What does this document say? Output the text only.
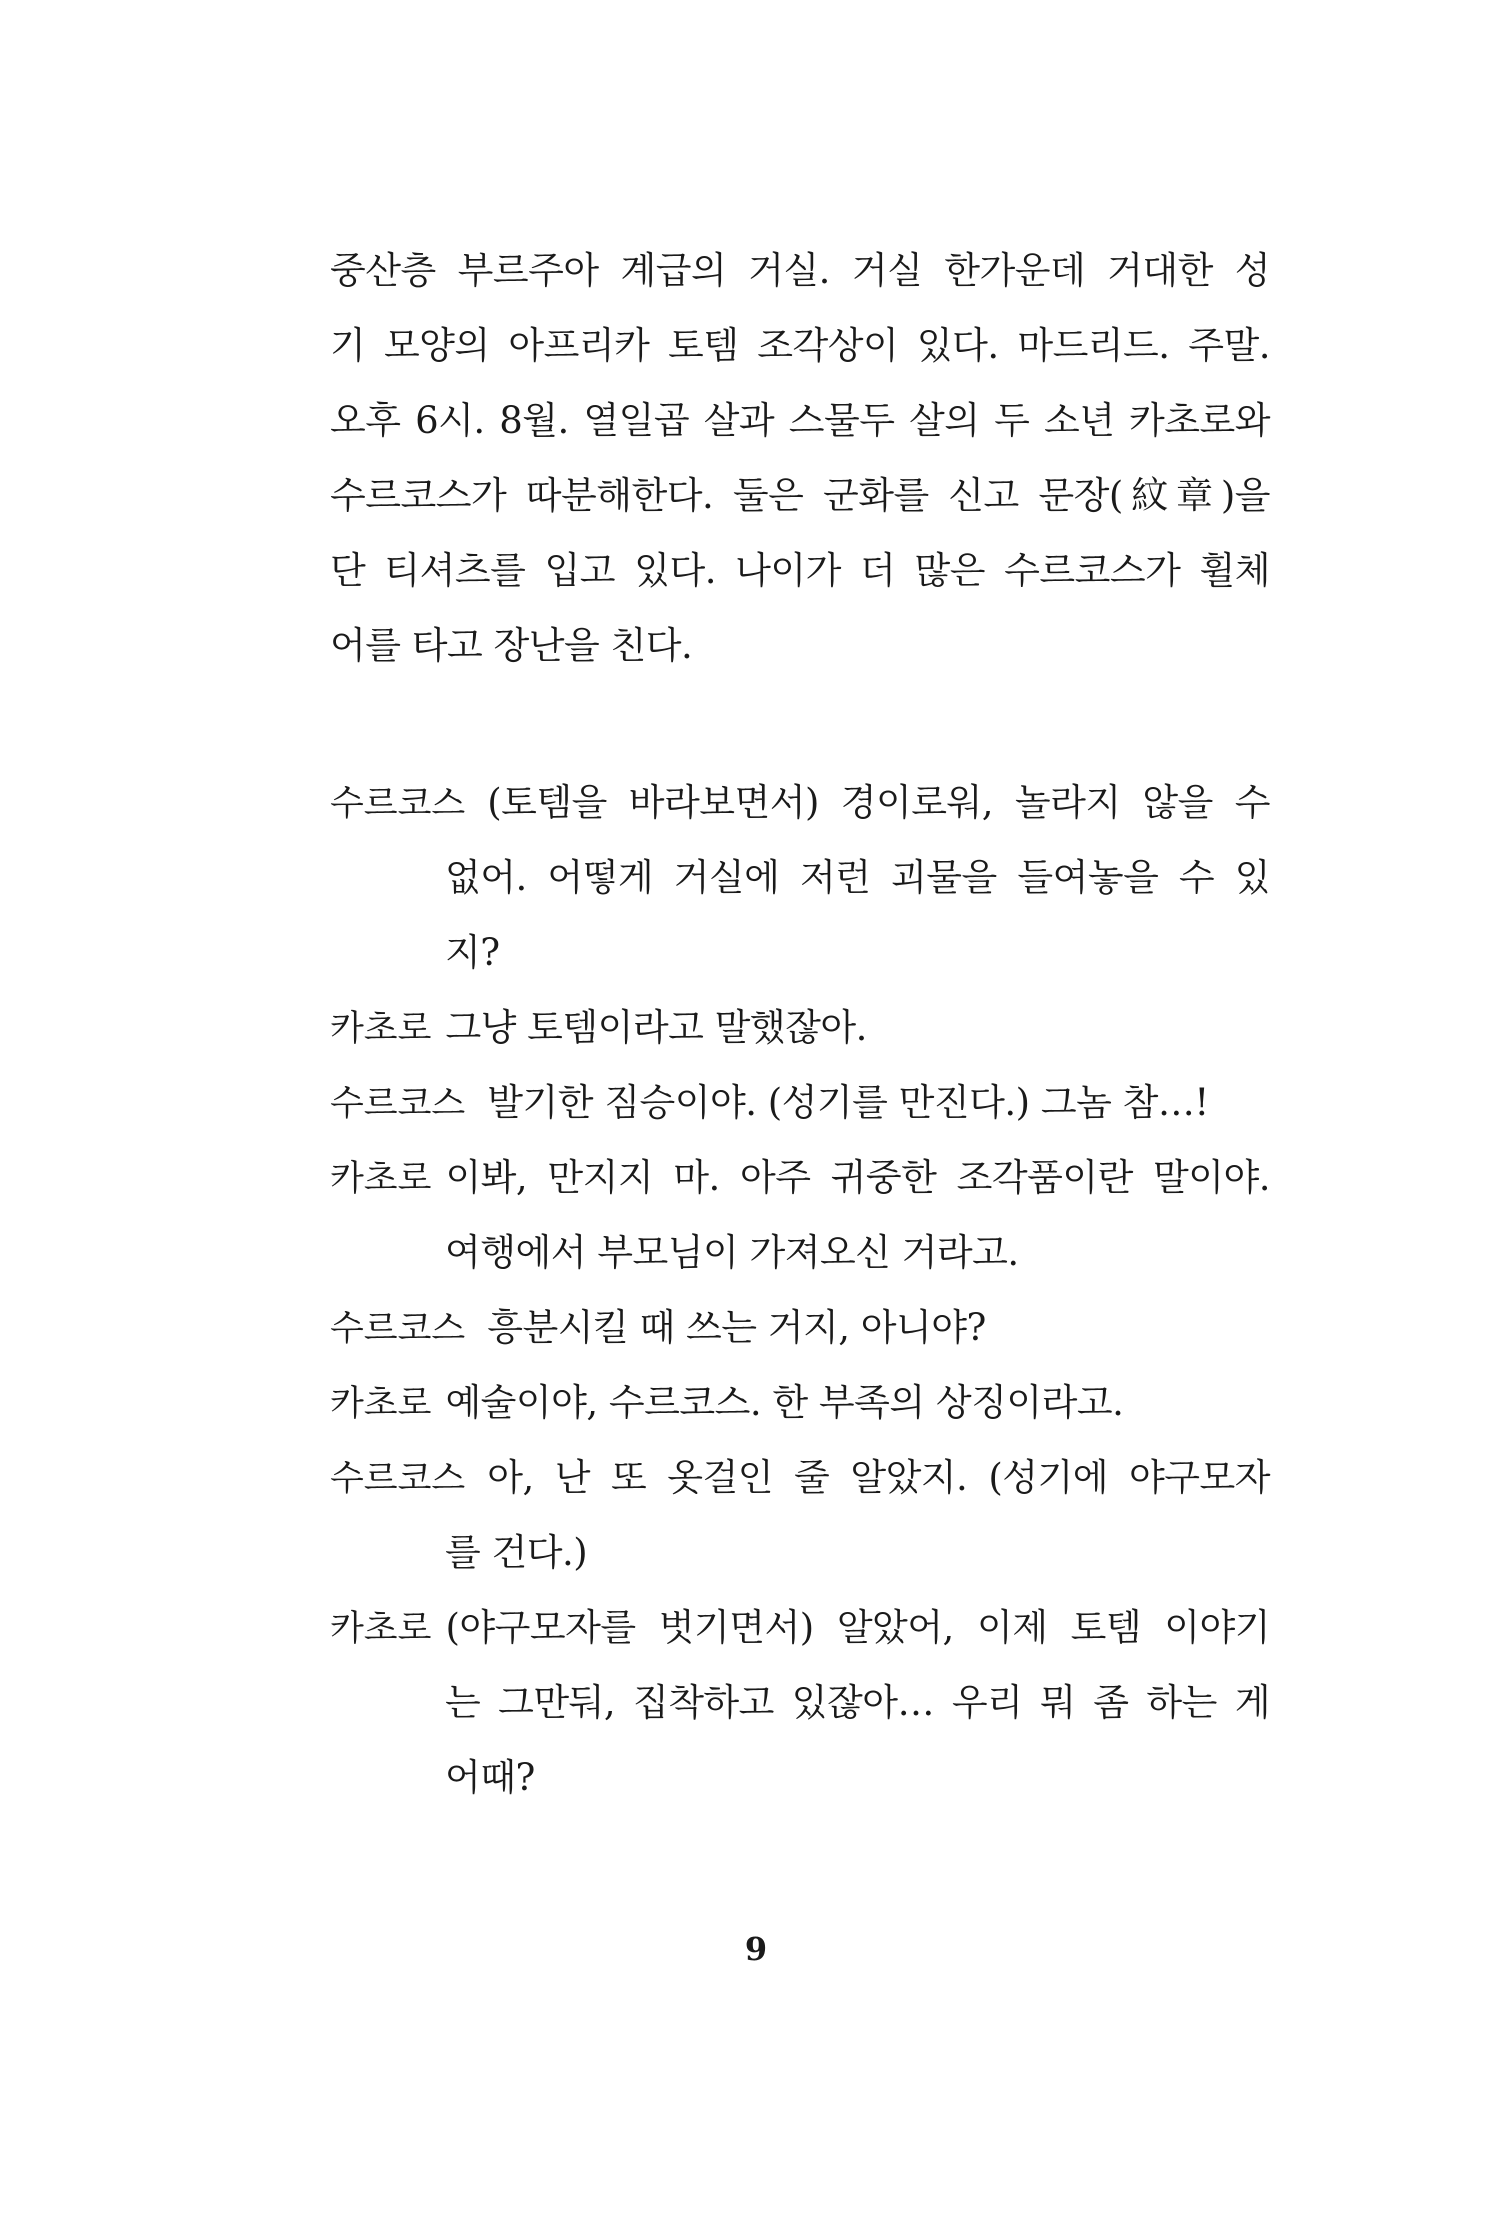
중산층 부르주아 계급의 거실. 거실 한가운데 거대한 성
기 모양의 아프리카 토템 조각상이 있다. 마드리드. 주말.
오후 6시. 8월. 열일곱 살과 스물두 살의 두 소년 카초로와
수르코스가 따분해한다. 둘은 군화를 신고 문장(紋章)을
단 티셔츠를 입고 있다. 나이가 더 많은 수르코스가 휠체
어를 타고 장난을 친다.
수르코스 (토템을 바라보면서) 경이로워, 놀라지 않을 수
없어. 어떻게 거실에 저런 괴물을 들여놓을 수 있
지?
카초로 그냥 토템이라고 말했잖아.
수르코스 발기한 짐승이야. (성기를 만진다.) 그놈 참…!
카초로 이봐, 만지지 마. 아주 귀중한 조각품이란 말이야.
여행에서 부모님이 가져오신 거라고.
수르코스 흥분시킬 때 쓰는 거지, 아니야?
카초로 예술이야, 수르코스. 한 부족의 상징이라고.
수르코스 아, 난 또 옷걸인 줄 알았지. (성기에 야구모자
를 건다.)
카초로 (야구모자를 벗기면서) 알았어, 이제 토템 이야기
는 그만둬, 집착하고 있잖아… 우리 뭐 좀 하는 게
어때?
9
